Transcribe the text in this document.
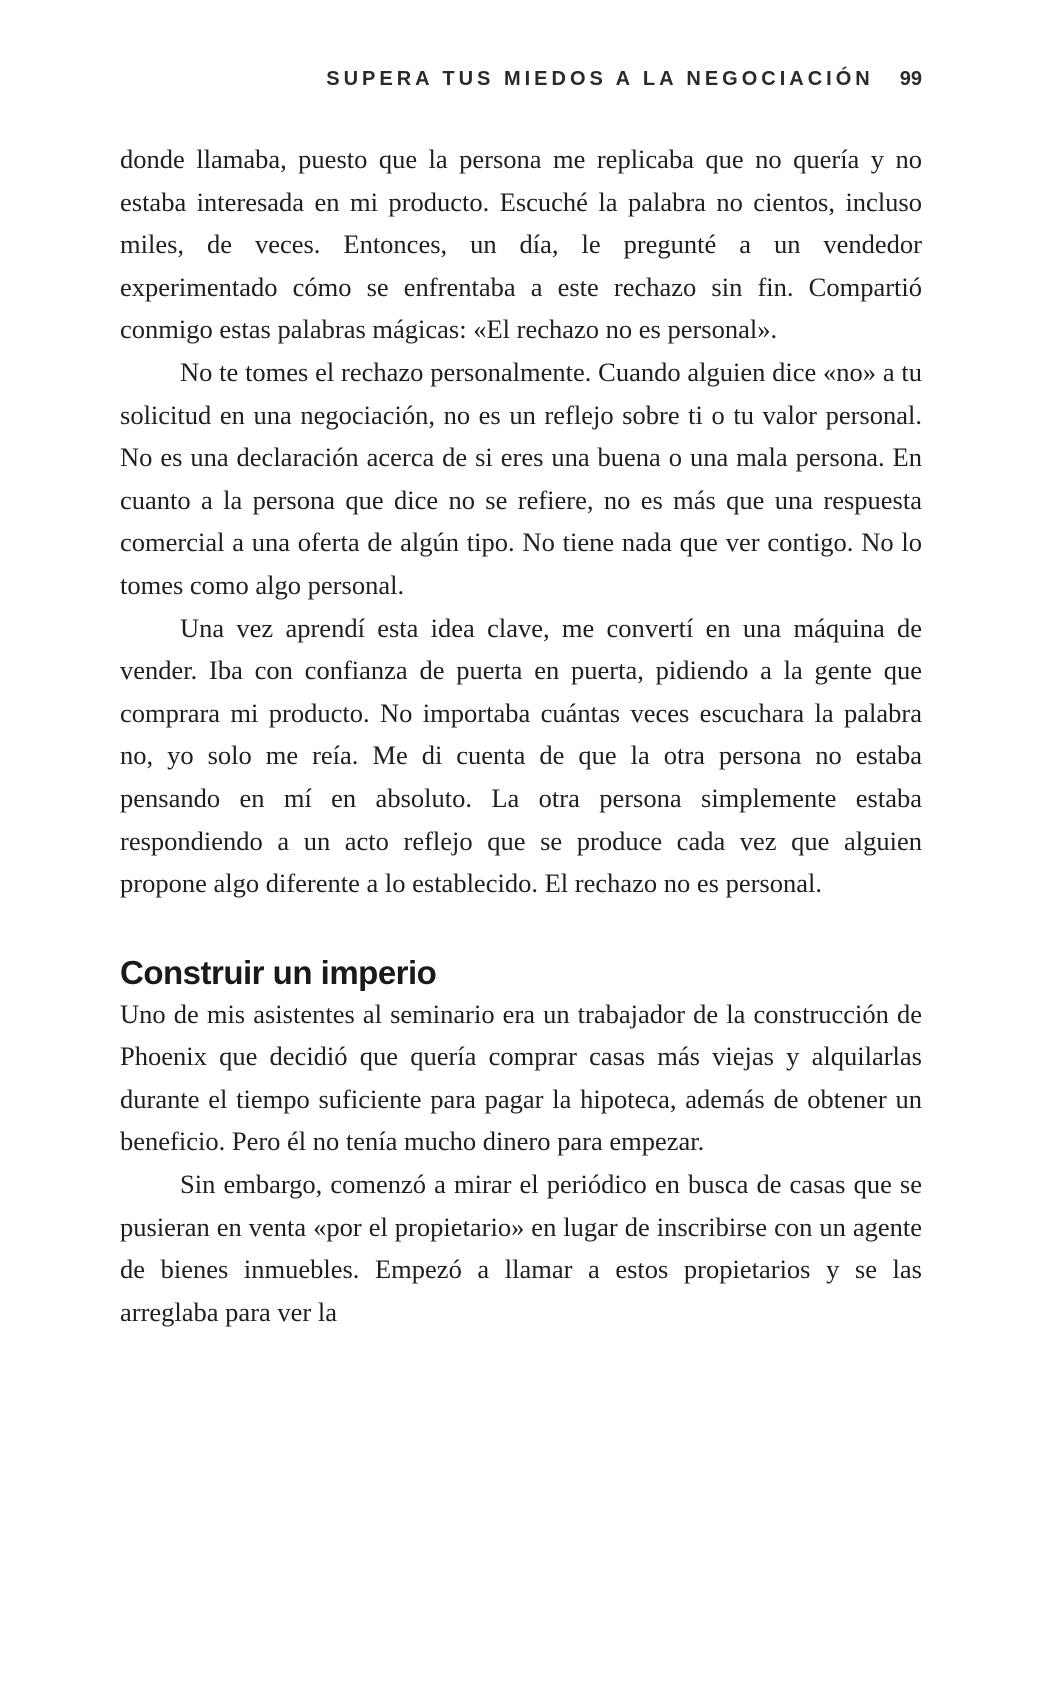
SUPERA TUS MIEDOS A LA NEGOCIACIÓN 99

donde llamaba, puesto que la persona me replicaba que no quería y no estaba interesada en mi producto. Escuché la palabra no cientos, incluso miles, de veces. Entonces, un día, le pregunté a un vendedor experimentado cómo se enfrentaba a este rechazo sin fin. Compartió conmigo estas palabras mágicas: «El rechazo no es personal».

No te tomes el rechazo personalmente. Cuando alguien dice «no» a tu solicitud en una negociación, no es un reflejo sobre ti o tu valor personal. No es una declaración acerca de si eres una buena o una mala persona. En cuanto a la persona que dice no se refiere, no es más que una respuesta comercial a una oferta de algún tipo. No tiene nada que ver contigo. No lo tomes como algo personal.

Una vez aprendí esta idea clave, me convertí en una máquina de vender. Iba con confianza de puerta en puerta, pidiendo a la gente que comprara mi producto. No importaba cuántas veces escuchara la palabra no, yo solo me reía. Me di cuenta de que la otra persona no estaba pensando en mí en absoluto. La otra persona simplemente estaba respondiendo a un acto reflejo que se produce cada vez que alguien propone algo diferente a lo establecido. El rechazo no es personal.

Construir un imperio

Uno de mis asistentes al seminario era un trabajador de la construcción de Phoenix que decidió que quería comprar casas más viejas y alquilarlas durante el tiempo suficiente para pagar la hipoteca, además de obtener un beneficio. Pero él no tenía mucho dinero para empezar.

Sin embargo, comenzó a mirar el periódico en busca de casas que se pusieran en venta «por el propietario» en lugar de inscribirse con un agente de bienes inmuebles. Empezó a llamar a estos propietarios y se las arreglaba para ver la
